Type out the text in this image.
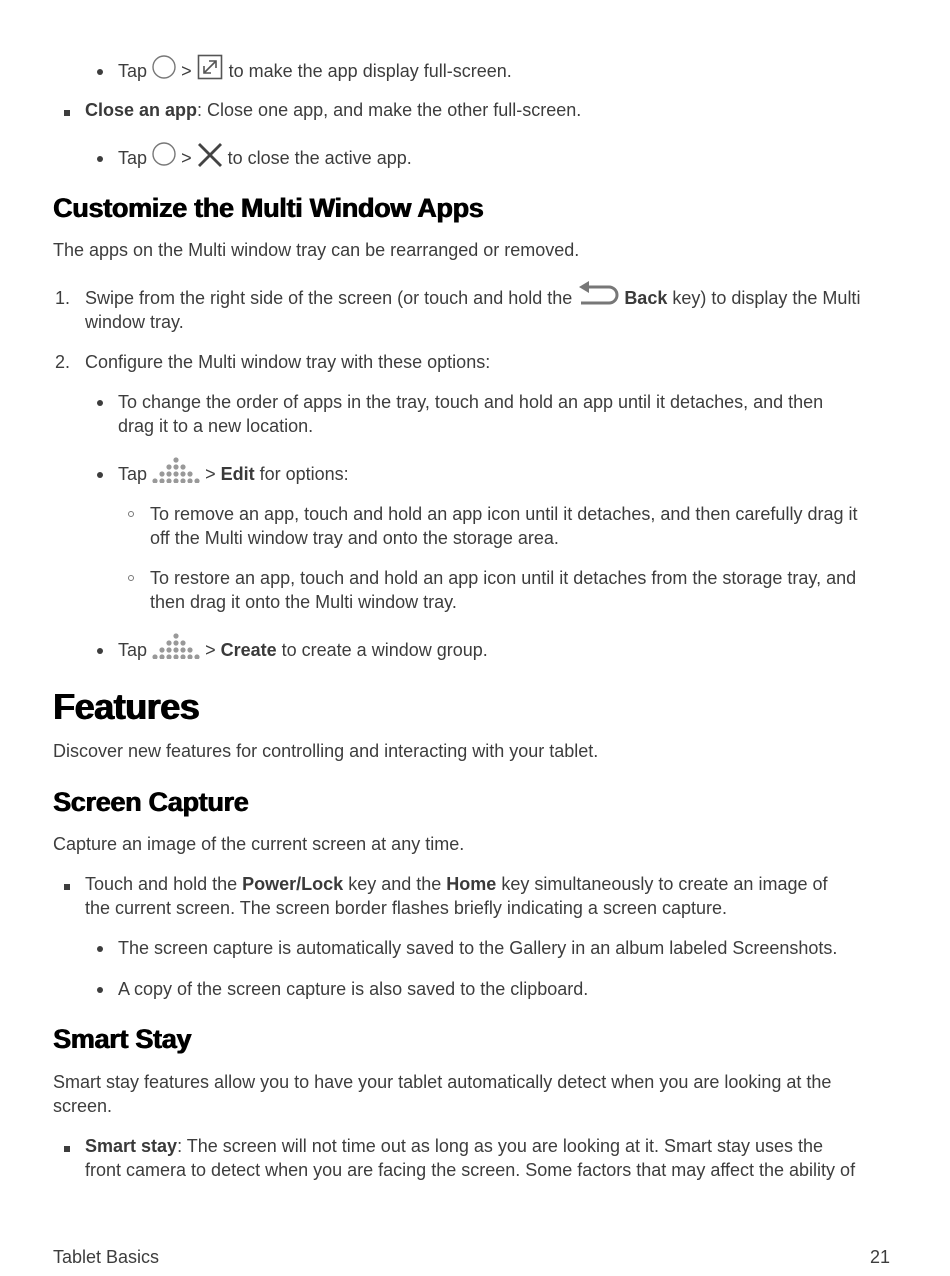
Tap > to make the app display full-screen.
Close an app: Close one app, and make the other full-screen.
Tap > to close the active app.
Customize the Multi Window Apps
The apps on the Multi window tray can be rearranged or removed.
1. Swipe from the right side of the screen (or touch and hold the	Back key) to display the Multi
window tray.
2. Configure the Multi window tray with these options:
To change the order of apps in the tray, touch and hold an app until it detaches, and then
drag it to a new location.
Tap	> Edit for options:
To remove an app, touch and hold an app icon until it detaches, and then carefully drag it
off the Multi window tray and onto the storage area.
To restore an app, touch and hold an app icon until it detaches from the storage tray, and
then drag it onto the Multi window tray.
Tap	> Create to create a window group.
Features
Discover new features for controlling and interacting with your tablet.
Screen Capture
Capture an image of the current screen at any time.
Touch and hold the Power/Lock key and the Home key simultaneously to create an image of
the current screen. The screen border flashes briefly indicating a screen capture.
The screen capture is automatically saved to the Gallery in an album labeled Screenshots.
A copy of the screen capture is also saved to the clipboard.
Smart Stay
Smart stay features allow you to have your tablet automatically detect when you are looking at the
screen.
Smart stay: The screen will not time out as long as you are looking at it. Smart stay uses the
front camera to detect when you are facing the screen. Some factors that may affect the ability of
Tablet Basics	21
